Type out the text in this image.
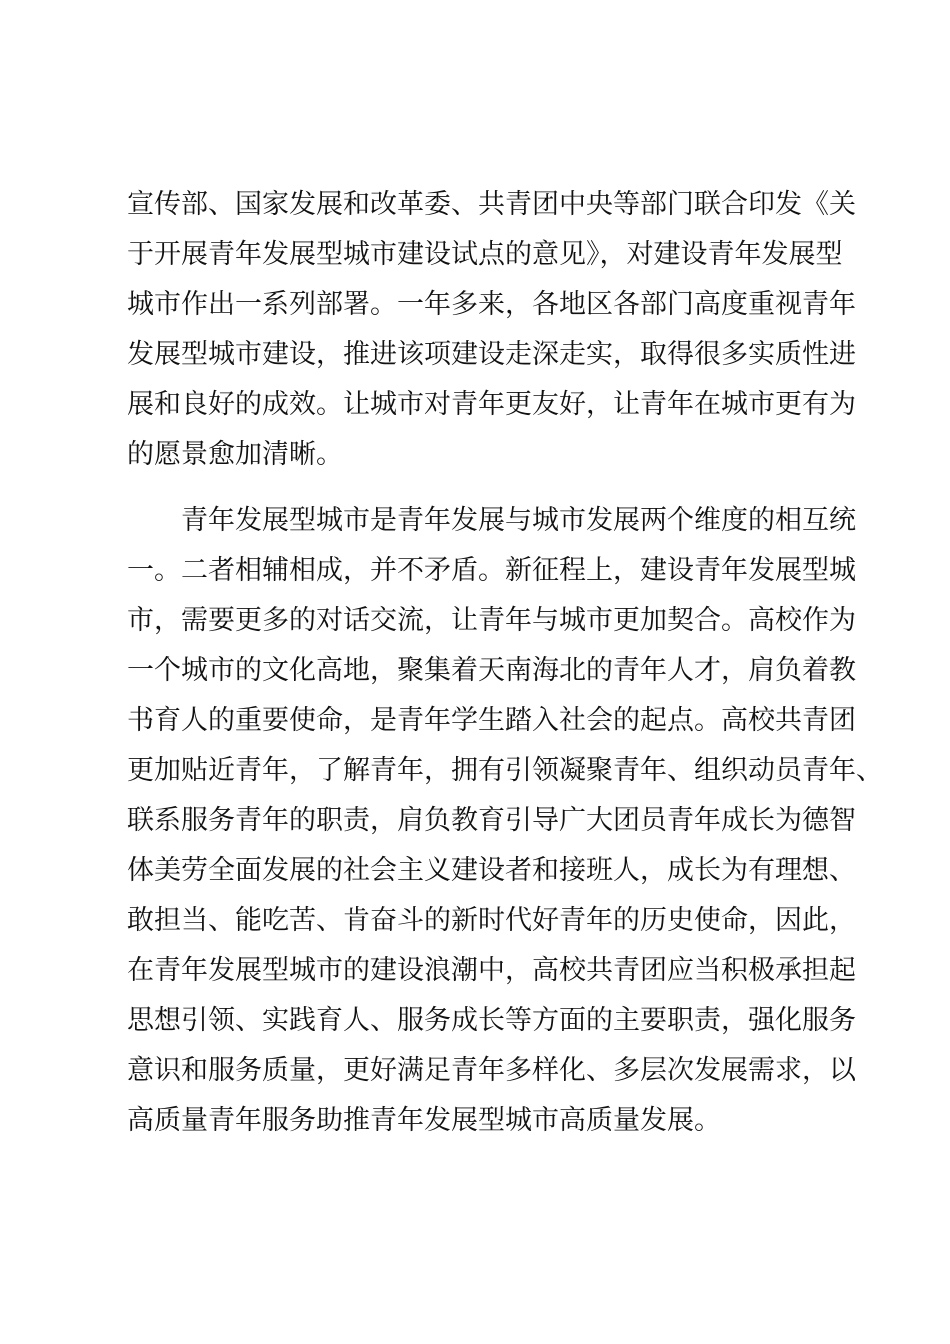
宣传部、国家发展和改革委、共青团中央等部门联合印发《关
于开展青年发展型城市建设试点的意见》，对建设青年发展型
城市作出一系列部署。一年多来，各地区各部门高度重视青年
发展型城市建设，推进该项建设走深走实，取得很多实质性进
展和良好的成效。让城市对青年更友好，让青年在城市更有为
的愿景愈加清晰。
青年发展型城市是青年发展与城市发展两个维度的相互统
一。二者相辅相成，并不矛盾。新征程上，建设青年发展型城
市，需要更多的对话交流，让青年与城市更加契合。高校作为
一个城市的文化高地，聚集着天南海北的青年人才，肩负着教
书育人的重要使命，是青年学生踏入社会的起点。高校共青团
更加贴近青年，了解青年，拥有引领凝聚青年、组织动员青年、
联系服务青年的职责，肩负教育引导广大团员青年成长为德智
体美劳全面发展的社会主义建设者和接班人，成长为有理想、
敢担当、能吃苦、肯奋斗的新时代好青年的历史使命，因此，
在青年发展型城市的建设浪潮中，高校共青团应当积极承担起
思想引领、实践育人、服务成长等方面的主要职责，强化服务
意识和服务质量，更好满足青年多样化、多层次发展需求，以
高质量青年服务助推青年发展型城市高质量发展。
